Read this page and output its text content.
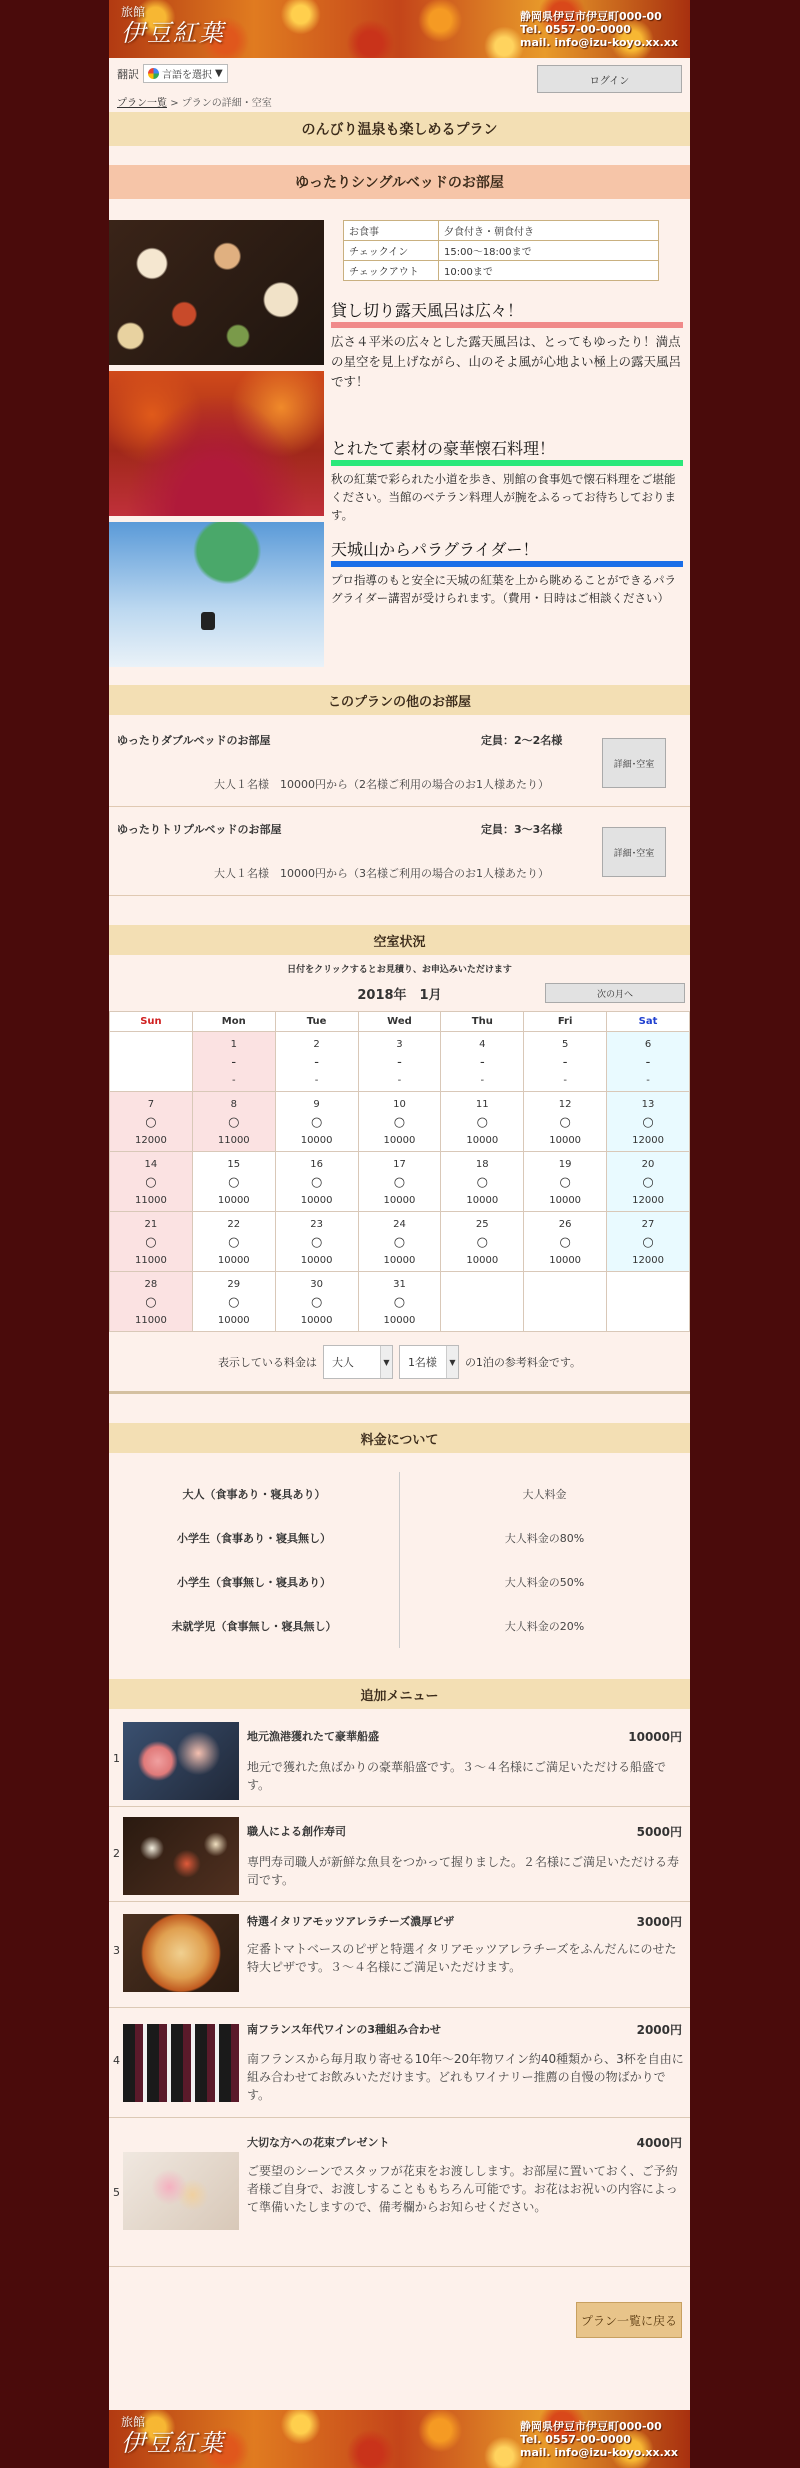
旅館
伊豆紅葉
静岡県伊豆市伊豆町000-00
Tel. 0557-00-0000
mail. info@izu-koyo.xx.xx
翻訳 言語を選択 ▼
ログイン
プラン一覧 > プランの詳細・空室
のんびり温泉も楽しめるプラン
ゆったりシングルベッドのお部屋
お食事	夕食付き・朝食付き
チェックイン	15:00～18:00まで
チェックアウト	10:00まで
貸し切り露天風呂は広々！

広さ４平米の広々とした露天風呂は、とってもゆったり！満点の星空を見上げながら、山のそよ風が心地よい極上の露天風呂です！

とれたて素材の豪華懐石料理！

秋の紅葉で彩られた小道を歩き、別館の食事処で懐石料理をご堪能ください。当館のベテラン料理人が腕をふるってお待ちしております。

天城山からパラグライダー！

プロ指導のもと安全に天城の紅葉を上から眺めることができるパラグライダー講習が受けられます。（費用・日時はご相談ください）

このプランの他のお部屋
ゆったりダブルベッドのお部屋	定員：2～2名様
大人１名様　10000円から（2名様ご利用の場合のお1人様あたり）
詳細･空室
ゆったりトリプルベッドのお部屋	定員：3～3名様
大人１名様　10000円から（3名様ご利用の場合のお1人様あたり）
詳細･空室
空室状況
日付をクリックするとお見積り、お申込みいただけます
2018年　1月	次の月へ
Sun	Mon	Tue	Wed	Thu	Fri	Sat

	1
-
-	2
-
-	3
-
-	4
-
-	5
-
-	6
-
-

7
○
12000	8
○
11000	9
○
10000	10
○
10000	11
○
10000	12
○
10000	13
○
12000

14
○
11000	15
○
10000	16
○
10000	17
○
10000	18
○
10000	19
○
10000	20
○
12000

21
○
11000	22
○
10000	23
○
10000	24
○
10000	25
○
10000	26
○
10000	27
○
12000

28
○
11000	29
○
10000	30
○
10000	31
○
10000			

表示している料金は 大人	▼ 1名様	▼ の1泊の参考料金です。
料金について
大人（食事あり・寝具あり）	大人料金
小学生（食事あり・寝具無し）	大人料金の80%
小学生（食事無し・寝具あり）	大人料金の50%
未就学児（食事無し・寝具無し）	大人料金の20%
追加メニュー
1
地元漁港獲れたて豪華船盛	10000円
地元で獲れた魚ばかりの豪華船盛です。３～４名様にご満足いただける船盛です。
2
職人による創作寿司	5000円
専門寿司職人が新鮮な魚貝をつかって握りました。２名様にご満足いただける寿司です。
3
特選イタリアモッツアレラチーズ濃厚ピザ	3000円
定番トマトベースのピザと特選イタリアモッツアレラチーズをふんだんにのせた特大ピザです。３～４名様にご満足いただけます。
4
南フランス年代ワインの3種組み合わせ	2000円
南フランスから毎月取り寄せる10年～20年物ワイン約40種類から、3杯を自由に組み合わせてお飲みいただけます。どれもワイナリー推薦の自慢の物ばかりです。
5
大切な方への花束プレゼント	4000円
ご要望のシーンでスタッフが花束をお渡しします。お部屋に置いておく、ご予約者様ご自身で、お渡しすることももちろん可能です。お花はお祝いの内容によって準備いたしますので、備考欄からお知らせください。
プラン一覧に戻る
旅館
伊豆紅葉
静岡県伊豆市伊豆町000-00
Tel. 0557-00-0000
mail. info@izu-koyo.xx.xx
